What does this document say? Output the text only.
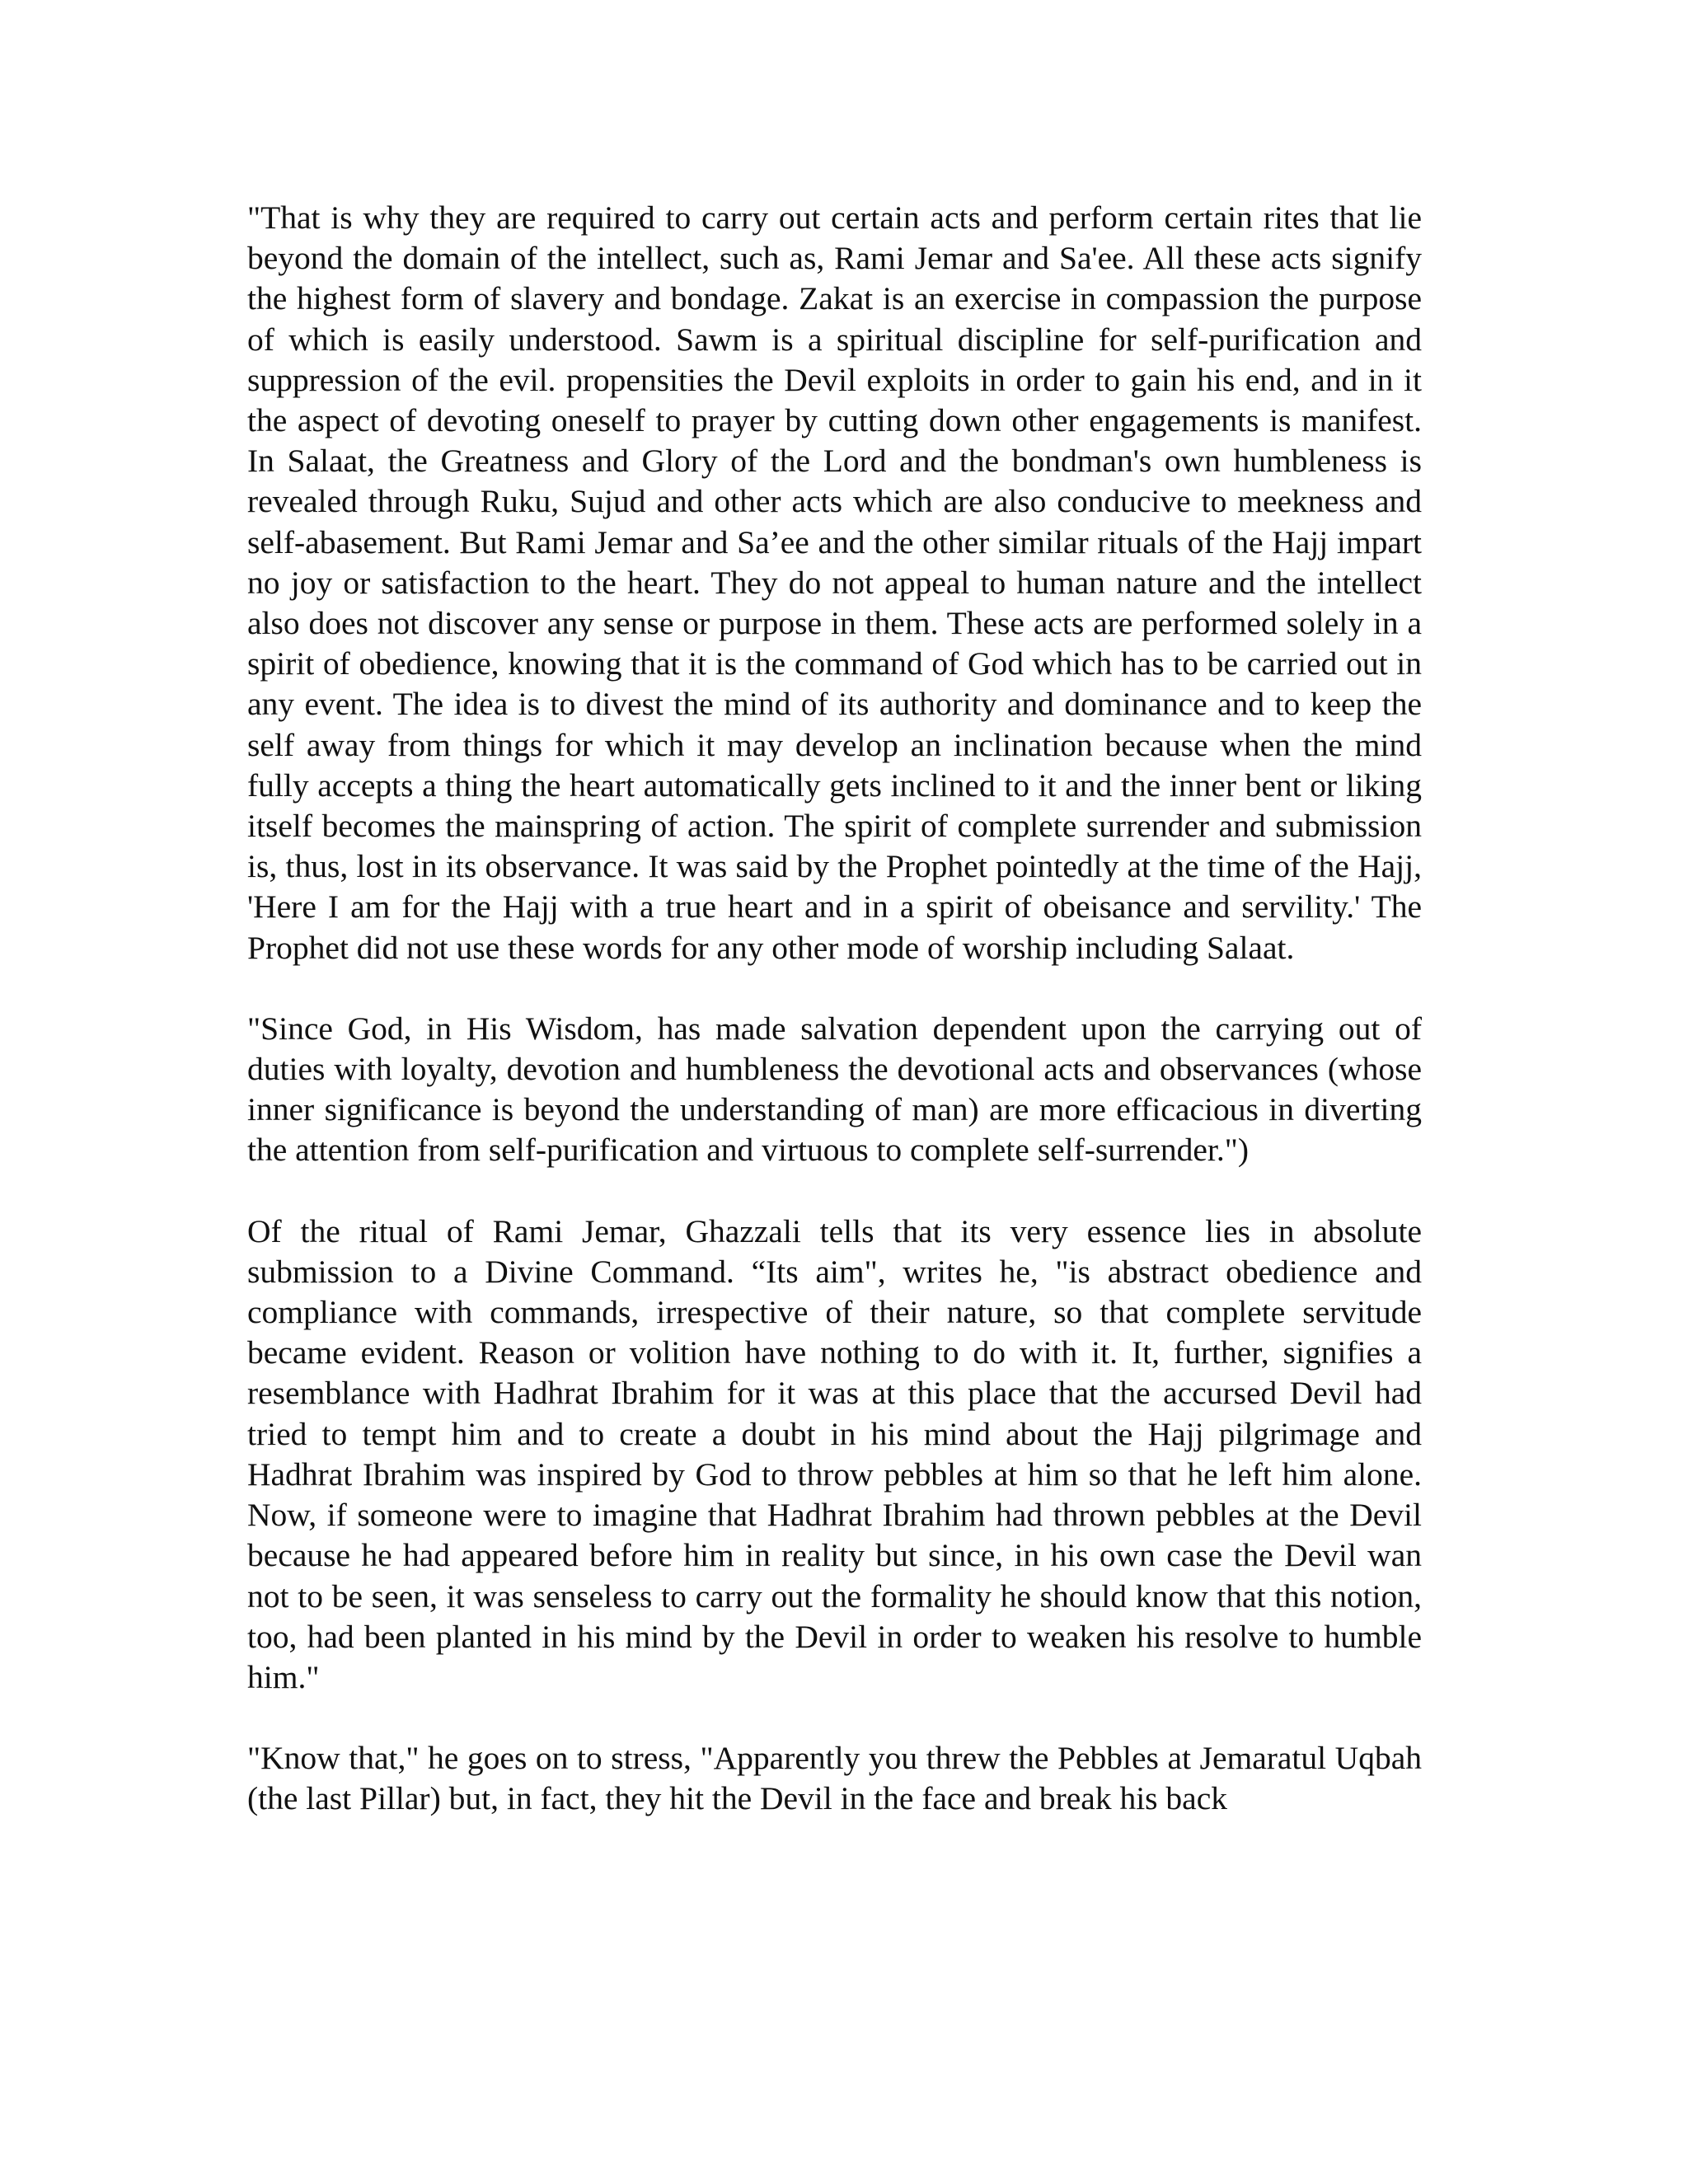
"That is why they are required to carry out certain acts and perform certain rites that lie beyond the domain of the intellect, such as, Rami Jemar and Sa'ee. All these acts signify the highest form of slavery and bondage. Zakat is an exercise in compassion the purpose of which is easily understood. Sawm is a spiritual discipline for self-purification and suppression of the evil. propensities the Devil exploits in order to gain his end, and in it the aspect of devoting oneself to prayer by cutting down other engagements is manifest. In Salaat, the Greatness and Glory of the Lord and the bondman's own humbleness is revealed through Ruku, Sujud and other acts which are also conducive to meekness and self-abasement. But Rami Jemar and Sa’ee and the other similar rituals of the Hajj impart no joy or satisfaction to the heart. They do not appeal to human nature and the intellect also does not discover any sense or purpose in them. These acts are performed solely in a spirit of obedience, knowing that it is the command of God which has to be carried out in any event. The idea is to divest the mind of its authority and dominance and to keep the self away from things for which it may develop an inclination because when the mind fully accepts a thing the heart automatically gets inclined to it and the inner bent or liking itself becomes the mainspring of action. The spirit of complete surrender and submission is, thus, lost in its observance. It was said by the Prophet pointedly at the time of the Hajj, 'Here I am for the Hajj with a true heart and in a spirit of obeisance and servility.' The Prophet did not use these words for any other mode of worship including Salaat.

"Since God, in His Wisdom, has made salvation dependent upon the carrying out of duties with loyalty, devotion and humbleness the devotional acts and observances (whose inner significance is beyond the understanding of man) are more efficacious in diverting the attention from self-purification and virtuous to complete self-surrender.")

Of the ritual of Rami Jemar, Ghazzali tells that its very essence lies in absolute submission to a Divine Command. “Its aim", writes he, "is abstract obedience and compliance with commands, irrespective of their nature, so that complete servitude became evident. Reason or volition have nothing to do with it. It, further, signifies a resemblance with Hadhrat Ibrahim for it was at this place that the accursed Devil had tried to tempt him and to create a doubt in his mind about the Hajj pilgrimage and Hadhrat Ibrahim was inspired by God to throw pebbles at him so that he left him alone. Now, if someone were to imagine that Hadhrat Ibrahim had thrown pebbles at the Devil because he had appeared before him in reality but since, in his own case the Devil wan not to be seen, it was senseless to carry out the formality he should know that this notion, too, had been planted in his mind by the Devil in order to weaken his resolve to humble him."

"Know that," he goes on to stress, "Apparently you threw the Pebbles at Jemaratul Uqbah (the last Pillar) but, in fact, they hit the Devil in the face and break his back
